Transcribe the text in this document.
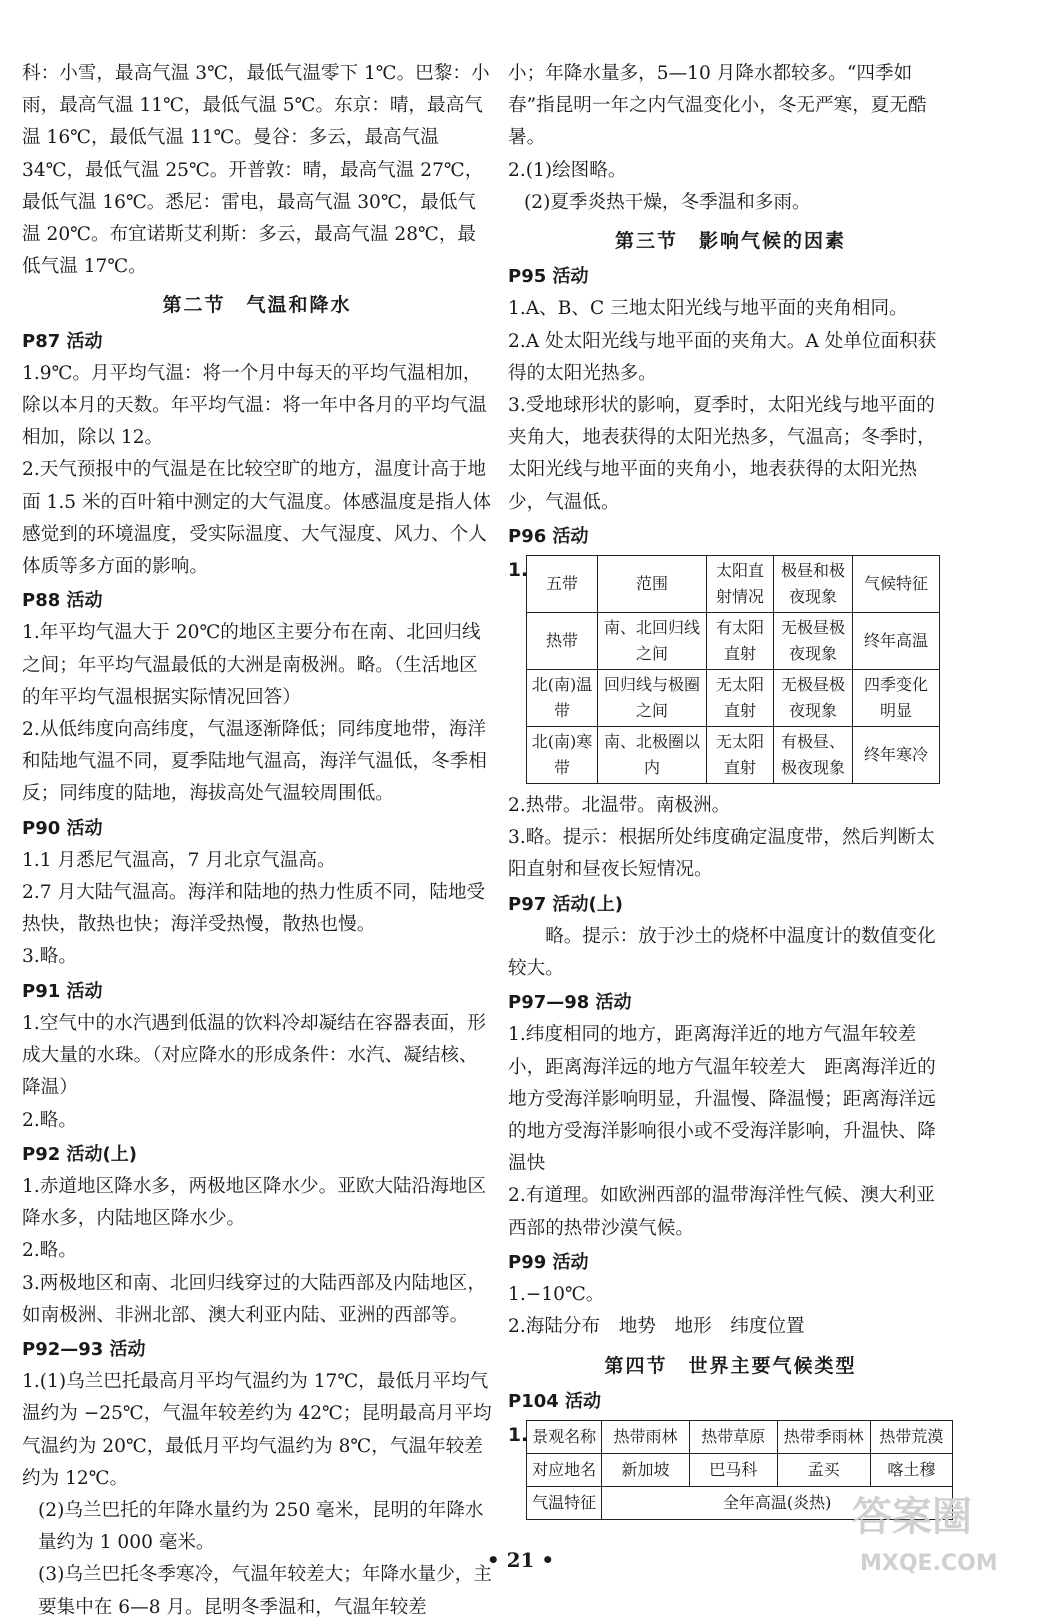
科：小雪，最高气温 3℃，最低气温零下 1℃。巴黎：小雨，最高气温 11℃，最低气温 5℃。东京：晴，最高气温 16℃，最低气温 11℃。曼谷：多云，最高气温 34℃，最低气温 25℃。开普敦：晴，最高气温 27℃，最低气温 16℃。悉尼：雷电，最高气温 30℃，最低气温 20℃。布宜诺斯艾利斯：多云，最高气温 28℃，最低气温 17℃。

第二节　气温和降水
P87 活动

1.9℃。月平均气温：将一个月中每天的平均气温相加，除以本月的天数。年平均气温：将一年中各月的平均气温相加，除以 12。

2.天气预报中的气温是在比较空旷的地方，温度计高于地面 1.5 米的百叶箱中测定的大气温度。体感温度是指人体感觉到的环境温度，受实际温度、大气湿度、风力、个人体质等多方面的影响。

P88 活动

1.年平均气温大于 20℃的地区主要分布在南、北回归线之间；年平均气温最低的大洲是南极洲。略。（生活地区的年平均气温根据实际情况回答）

2.从低纬度向高纬度，气温逐渐降低；同纬度地带，海洋和陆地气温不同，夏季陆地气温高，海洋气温低，冬季相反；同纬度的陆地，海拔高处气温较周围低。

P90 活动

1.1 月悉尼气温高，7 月北京气温高。

2.7 月大陆气温高。海洋和陆地的热力性质不同，陆地受热快，散热也快；海洋受热慢，散热也慢。

3.略。

P91 活动

1.空气中的水汽遇到低温的饮料冷却凝结在容器表面，形成大量的水珠。（对应降水的形成条件：水汽、凝结核、降温）

2.略。

P92 活动(上)

1.赤道地区降水多，两极地区降水少。亚欧大陆沿海地区降水多，内陆地区降水少。

2.略。

3.两极地区和南、北回归线穿过的大陆西部及内陆地区，如南极洲、非洲北部、澳大利亚内陆、亚洲的西部等。

P92—93 活动

1.(1)乌兰巴托最高月平均气温约为 17℃，最低月平均气温约为 −25℃，气温年较差约为 42℃；昆明最高月平均气温约为 20℃，最低月平均气温约为 8℃，气温年较差约为 12℃。

(2)乌兰巴托的年降水量约为 250 毫米，昆明的年降水量约为 1 000 毫米。

(3)乌兰巴托冬季寒冷，气温年较差大；年降水量少，主要集中在 6—8 月。昆明冬季温和，气温年较差

小；年降水量多，5—10 月降水都较多。“四季如春”指昆明一年之内气温变化小，冬无严寒，夏无酷暑。

2.(1)绘图略。

(2)夏季炎热干燥，冬季温和多雨。

第三节　影响气候的因素
P95 活动

1.A、B、C 三地太阳光线与地平面的夹角相同。

2.A 处太阳光线与地平面的夹角大。A 处单位面积获得的太阳光热多。

3.受地球形状的影响，夏季时，太阳光线与地平面的夹角大，地表获得的太阳光热多，气温高；冬季时，太阳光线与地平面的夹角小，地表获得的太阳光热少，气温低。

P96 活动
1.
五带	范围	太阳直射情况	极昼和极夜现象	气候特征
热带	南、北回归线之间	有太阳直射	无极昼极夜现象	终年高温
北(南)温带	回归线与极圈之间	无太阳直射	无极昼极夜现象	四季变化明显
北(南)寒带	南、北极圈以内	无太阳直射	有极昼、极夜现象	终年寒冷

2.热带。北温带。南极洲。

3.略。提示：根据所处纬度确定温度带，然后判断太阳直射和昼夜长短情况。

P97 活动(上)

略。提示：放于沙土的烧杯中温度计的数值变化较大。

P97—98 活动

1.纬度相同的地方，距离海洋近的地方气温年较差小，距离海洋远的地方气温年较差大　距离海洋近的地方受海洋影响明显，升温慢、降温慢；距离海洋远的地方受海洋影响很小或不受海洋影响，升温快、降温快

2.有道理。如欧洲西部的温带海洋性气候、澳大利亚西部的热带沙漠气候。

P99 活动

1.−10℃。

2.海陆分布　地势　地形　纬度位置

第四节　世界主要气候类型
P104 活动
1. 景观名称	热带雨林	热带草原	热带季雨林	热带荒漠
对应地名	新加坡	巴马科	孟买	喀土穆
气温特征	全年高温(炎热)			
• 21 •
答案圈
MXQE.COM
